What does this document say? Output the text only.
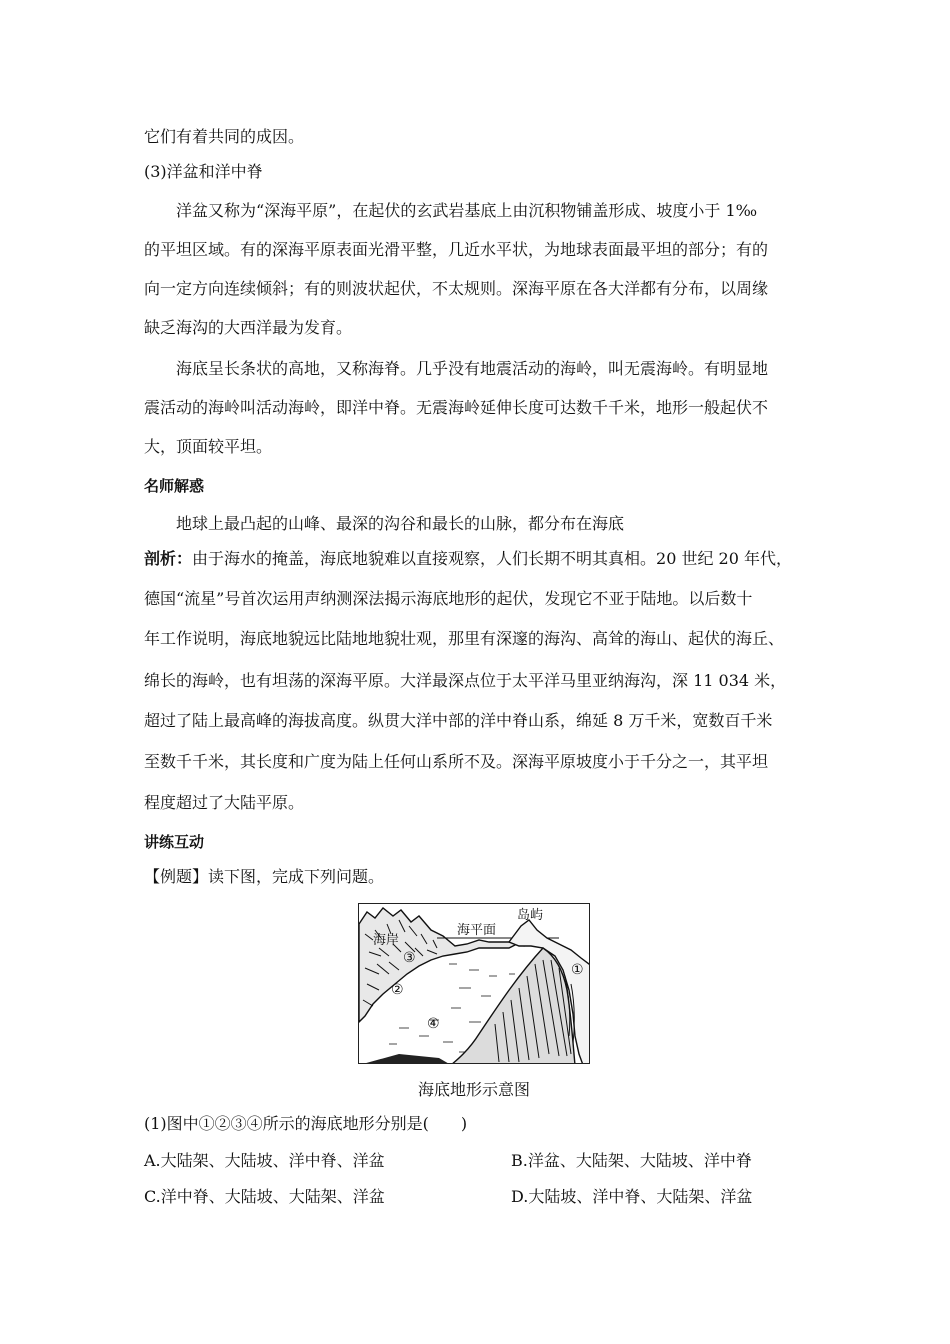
它们有着共同的成因。

(3)洋盆和洋中脊

洋盆又称为“深海平原”，在起伏的玄武岩基底上由沉积物铺盖形成、坡度小于 1‰

的平坦区域。有的深海平原表面光滑平整，几近水平状，为地球表面最平坦的部分；有的

向一定方向连续倾斜；有的则波状起伏，不太规则。深海平原在各大洋都有分布，以周缘

缺乏海沟的大西洋最为发育。

海底呈长条状的高地，又称海脊。几乎没有地震活动的海岭，叫无震海岭。有明显地

震活动的海岭叫活动海岭，即洋中脊。无震海岭延伸长度可达数千千米，地形一般起伏不

大，顶面较平坦。

名师解惑

地球上最凸起的山峰、最深的沟谷和最长的山脉，都分布在海底

剖析：由于海水的掩盖，海底地貌难以直接观察，人们长期不明其真相。20 世纪 20 年代，

德国“流星”号首次运用声纳测深法揭示海底地形的起伏，发现它不亚于陆地。以后数十

年工作说明，海底地貌远比陆地地貌壮观，那里有深邃的海沟、高耸的海山、起伏的海丘、

绵长的海岭，也有坦荡的深海平原。大洋最深点位于太平洋马里亚纳海沟，深 11 034 米，

超过了陆上最高峰的海拔高度。纵贯大洋中部的洋中脊山系，绵延 8 万千米，宽数百千米

至数千千米，其长度和广度为陆上任何山系所不及。深海平原坡度小于千分之一，其平坦

程度超过了大陆平原。

讲练互动

【例题】读下图，完成下列问题。

海岸
海平面
岛屿
①
②
③
④
海底地形示意图

(1)图中①②③④所示的海底地形分别是(　　)

A.大陆架、大陆坡、洋中脊、洋盆	B.洋盆、大陆架、大陆坡、洋中脊
C.洋中脊、大陆坡、大陆架、洋盆	D.大陆坡、洋中脊、大陆架、洋盆
